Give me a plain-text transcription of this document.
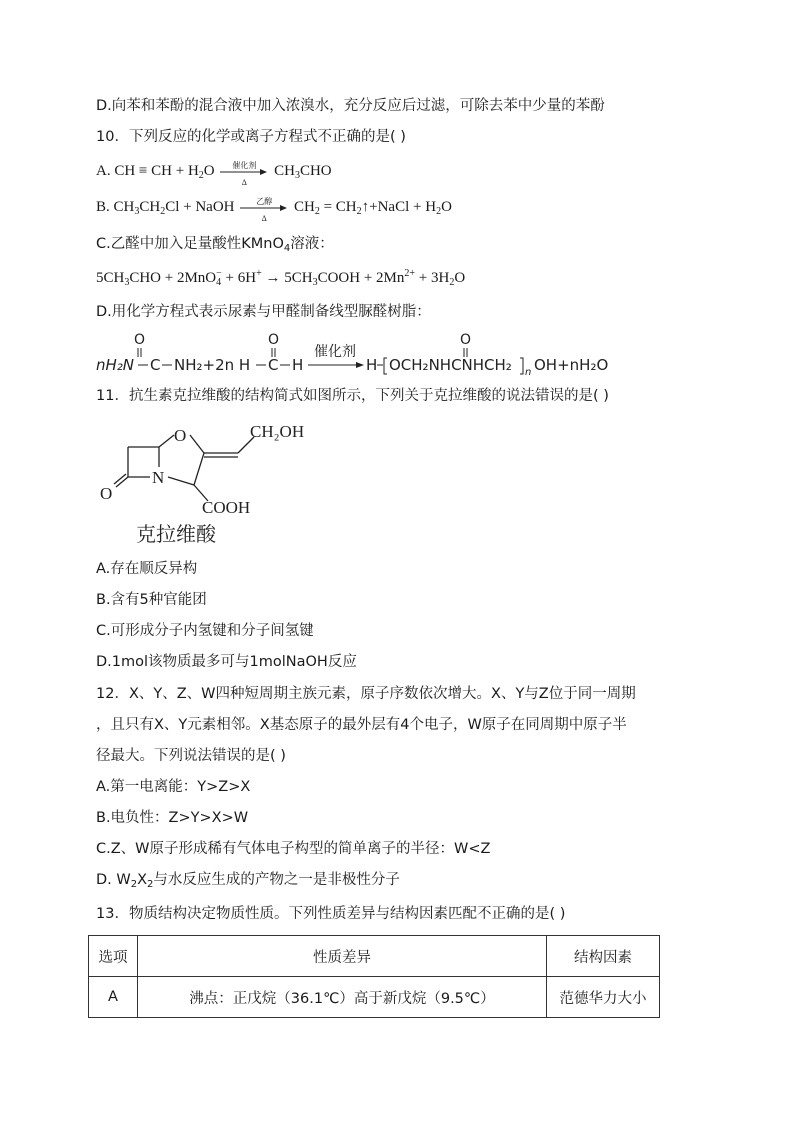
D.向苯和苯酚的混合液中加入浓溴水，充分反应后过滤，可除去苯中少量的苯酚
10．下列反应的化学或离子方程式不正确的是( )
A. CH ≡ CH + $H_2O$	催化剂
Δ
$CH_3CHO$
B. $CH_3CH_2Cl$ + NaOH	乙醇
Δ
$CH_2$ = $CH_2↑+NaCl + H_2O$
C.乙醛中加入足量酸性KMnO$_4$溶液：
$5CH_3CHO + 2MnO_4^- + 6H^+$ → $5CH_3COOH + 2Mn^{2+} + 3H_2O$
D.用化学方程式表示尿素与甲醛制备线型脲醛树脂：
O
nH₂N C NH₂+2n H
O
C H
催化剂
H OCH₂NHCNHCH₂
O
n OH+nH₂O
11．抗生素克拉维酸的结构简式如图所示，下列关于克拉维酸的说法错误的是( )
O
N
O
CH₂OH
COOH
克拉维酸
A.存在顺反异构
B.含有5种官能团
C.可形成分子内氢键和分子间氢键
D.1mol该物质最多可与1molNaOH反应
12．X、Y、Z、W四种短周期主族元素，原子序数依次增大。X、Y与Z位于同一周期
，且只有X、Y元素相邻。X基态原子的最外层有4个电子，W原子在同周期中原子半
径最大。下列说法错误的是( )
A.第一电离能：Y>Z>X
B.电负性：Z>Y>X>W
C.Z、W原子形成稀有气体电子构型的简单离子的半径：W<Z
D. $W_2X_2$与水反应生成的产物之一是非极性分子
13．物质结构决定物质性质。下列性质差异与结构因素匹配不正确的是( )
选项	性质差异	结构因素
A	沸点：正戊烷（36.1℃）高于新戊烷（9.5℃）	范德华力大小
